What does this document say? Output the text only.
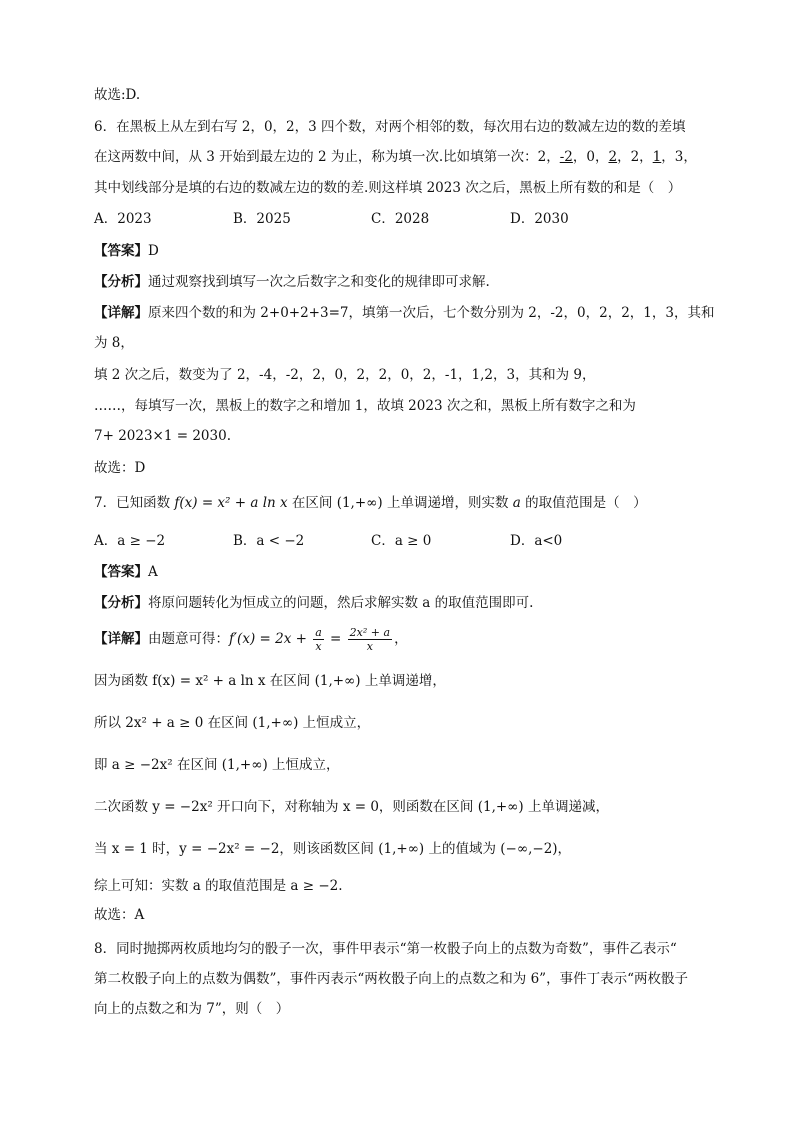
故选:D.
6．在黑板上从左到右写 2，0，2，3 四个数，对两个相邻的数，每次用右边的数减左边的数的差填
在这两数中间，从 3 开始到最左边的 2 为止，称为填一次.比如填第一次：2，-2，0，2，2，1，3，
其中划线部分是填的右边的数减左边的数的差.则这样填 2023 次之后，黑板上所有数的和是（　）
A．2023	B．2025	C．2028	D．2030
【答案】D
【分析】通过观察找到填写一次之后数字之和变化的规律即可求解.
【详解】原来四个数的和为 2+0+2+3=7，填第一次后，七个数分别为 2，-2，0，2，2，1，3，其和
为 8，
填 2 次之后，数变为了 2，-4，-2，2，0，2，2，0，2，-1，1,2，3，其和为 9，
……，每填写一次，黑板上的数字之和增加 1，故填 2023 次之和，黑板上所有数字之和为
7+ 2023×1 = 2030.
故选：D
7．已知函数 f(x) = x² + a ln x 在区间 (1,+∞) 上单调递增，则实数 a 的取值范围是（　）
A．a ≥ −2	B．a < −2	C．a ≥ 0	D．a<0
【答案】A
【分析】将原问题转化为恒成立的问题，然后求解实数 a 的取值范围即可.
【详解】由题意可得：$f'(x) = 2x + \frac{a}{x} = \frac{\text{2x² + a}}{x}$ ，
因为函数 f(x) = x² + a ln x 在区间 (1,+∞) 上单调递增，
所以 2x² + a ≥ 0 在区间 (1,+∞) 上恒成立，
即 a ≥ −2x² 在区间 (1,+∞) 上恒成立，
二次函数 y = −2x² 开口向下，对称轴为 x = 0，则函数在区间 (1,+∞) 上单调递减，
当 x = 1 时，y = −2x² = −2，则该函数区间 (1,+∞) 上的值域为 (−∞,−2)，
综上可知：实数 a 的取值范围是 a ≥ −2.
故选：A
8．同时抛掷两枚质地均匀的骰子一次，事件甲表示“第一枚骰子向上的点数为奇数”，事件乙表示“
第二枚骰子向上的点数为偶数”，事件丙表示“两枚骰子向上的点数之和为 6”，事件丁表示“两枚骰子
向上的点数之和为 7”，则（　）
